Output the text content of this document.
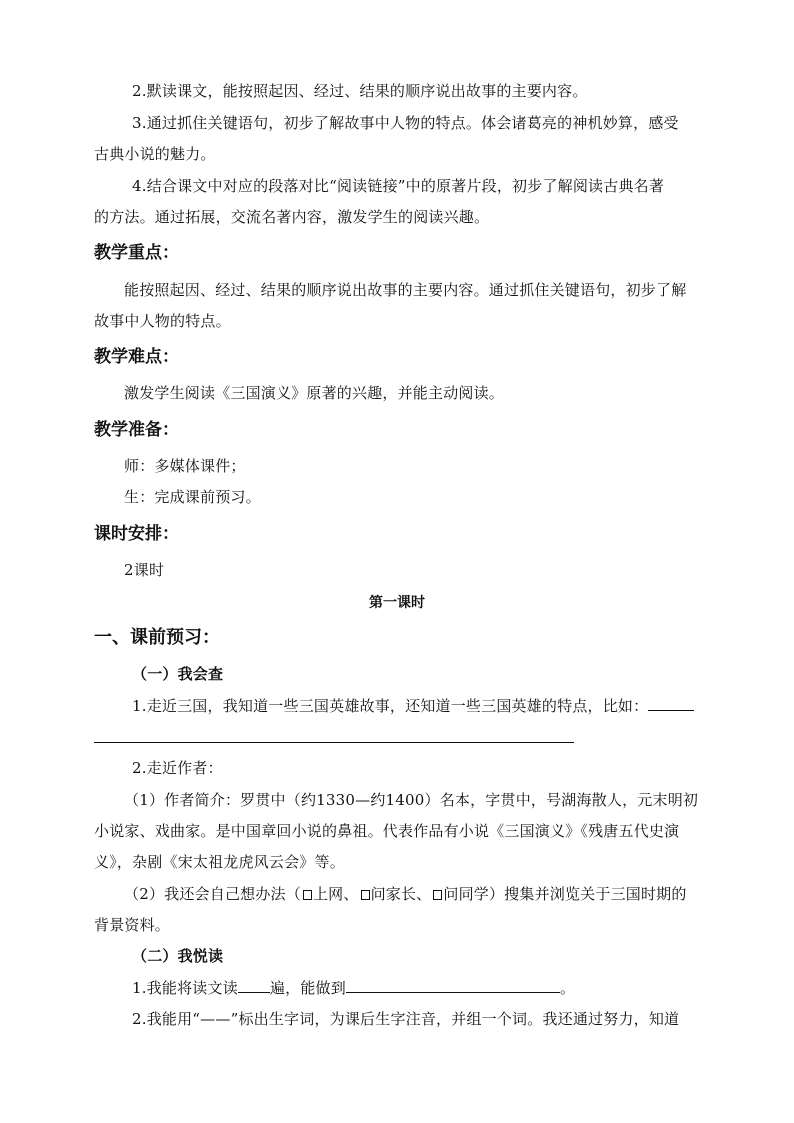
2.默读课文，能按照起因、经过、结果的顺序说出故事的主要内容。
3.通过抓住关键语句，初步了解故事中人物的特点。体会诸葛亮的神机妙算，感受
古典小说的魅力。
4.结合课文中对应的段落对比“阅读链接”中的原著片段，初步了解阅读古典名著
的方法。通过拓展，交流名著内容，激发学生的阅读兴趣。
教学重点：
能按照起因、经过、结果的顺序说出故事的主要内容。通过抓住关键语句，初步了解
故事中人物的特点。
教学难点：
激发学生阅读《三国演义》原著的兴趣，并能主动阅读。
教学准备：
师：多媒体课件；
生：完成课前预习。
课时安排：
2课时
第一课时
一、课前预习：
（一）我会查
1.走近三国，我知道一些三国英雄故事，还知道一些三国英雄的特点，比如：
2.走近作者：
（1）作者简介：罗贯中（约1330—约1400）名本，字贯中，号湖海散人，元末明初
小说家、戏曲家。是中国章回小说的鼻祖。代表作品有小说《三国演义》《残唐五代史演
义》，杂剧《宋太祖龙虎风云会》等。
（2）我还会自己想办法（ 上网、 问家长、 问同学）搜集并浏览关于三国时期的
背景资料。
（二）我悦读
1.我能将读文读 遍，能做到	。
2.我能用“——”标出生字词，为课后生字注音，并组一个词。我还通过努力，知道
